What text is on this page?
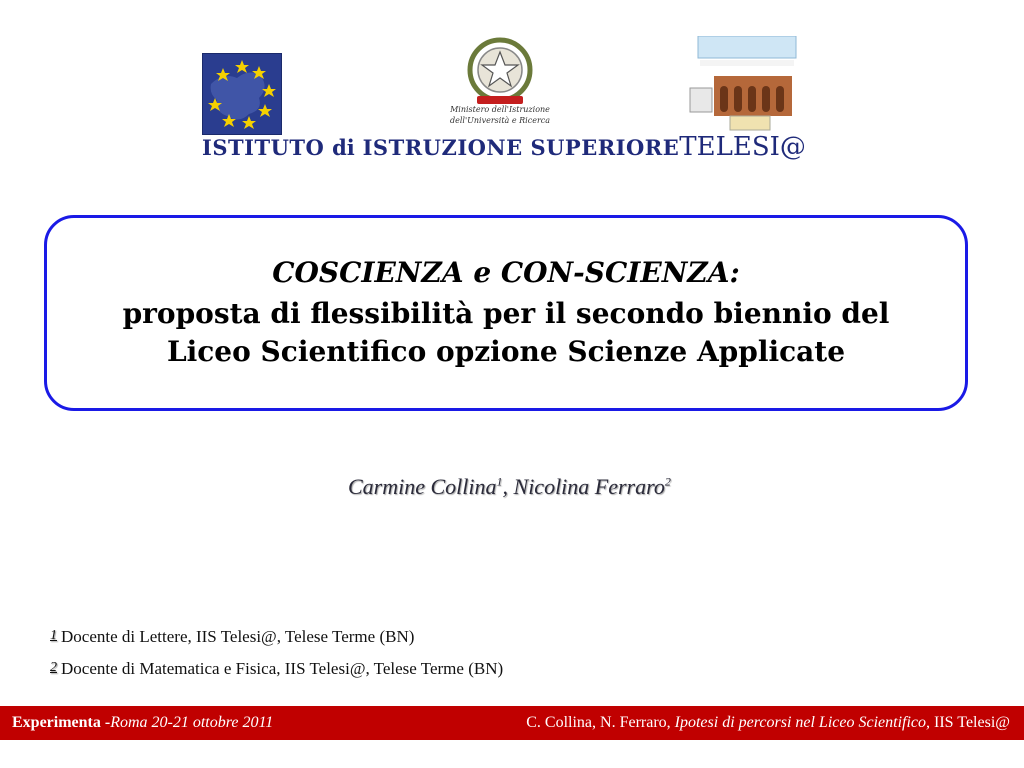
Ministero dell'Istruzione
dell'Università e Ricerca
ISTITUTO di ISTRUZIONE SUPERIORETELESI@
COSCIENZA e CON-SCIENZA:
proposta di flessibilità per il secondo biennio del
Liceo Scientifico opzione Scienze Applicate
Carmine Collina$^1$, Nicolina Ferraro$^2$
1 Docente di Lettere, IIS Telesi@, Telese Terme (BN)
2 Docente di Matematica e Fisica, IIS Telesi@, Telese Terme (BN)
Experimenta -Roma 20-21 ottobre 2011	C. Collina, N. Ferraro, Ipotesi di percorsi nel Liceo Scientifico, IIS Telesi@
